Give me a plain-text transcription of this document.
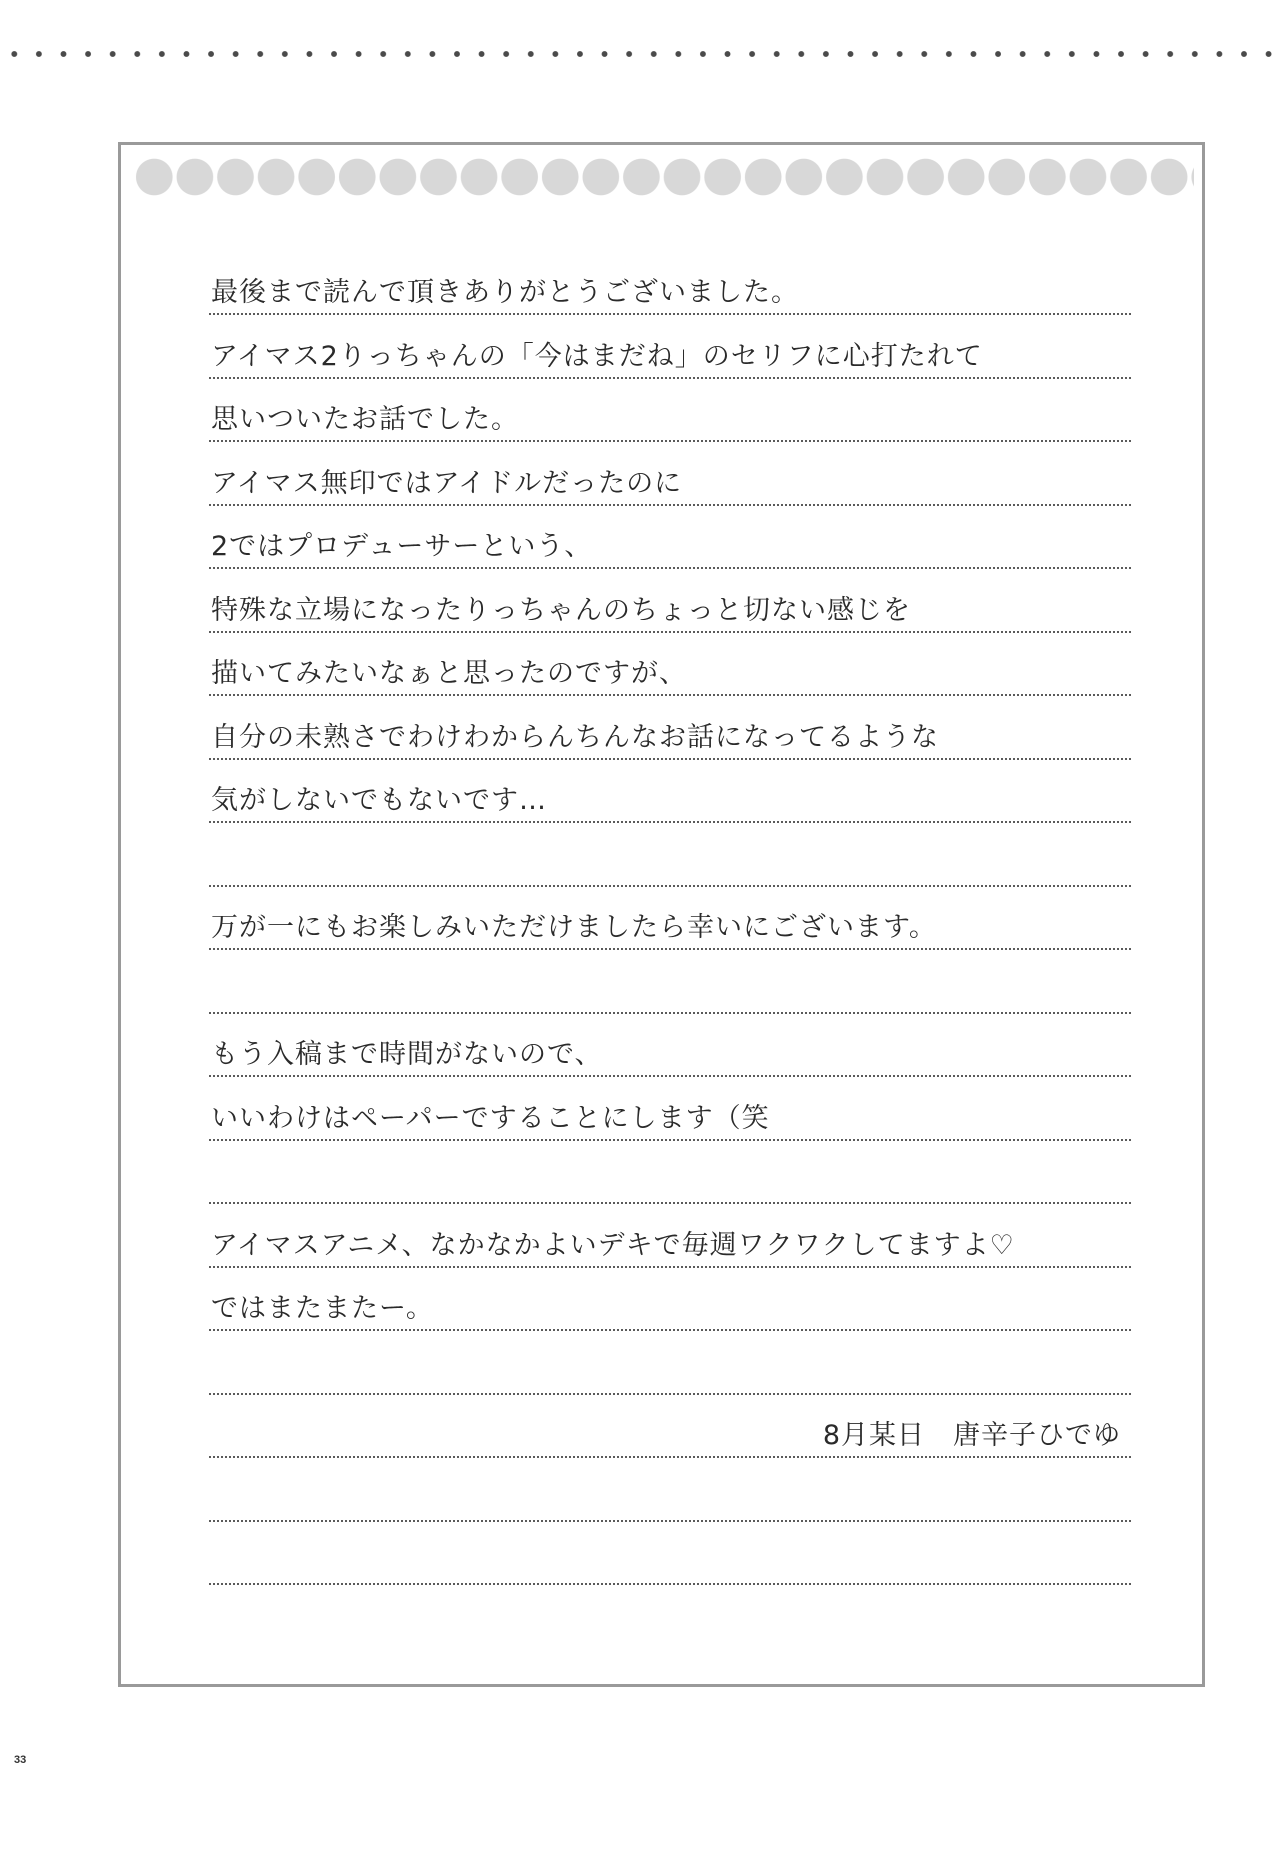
最後まで読んで頂きありがとうございました。
アイマス2りっちゃんの「今はまだね」のセリフに心打たれて
思いついたお話でした。
アイマス無印ではアイドルだったのに
2ではプロデューサーという、
特殊な立場になったりっちゃんのちょっと切ない感じを
描いてみたいなぁと思ったのですが、
自分の未熟さでわけわからんちんなお話になってるような
気がしないでもないです…
万が一にもお楽しみいただけましたら幸いにございます。
もう入稿まで時間がないので、
いいわけはペーパーですることにします（笑
アイマスアニメ、なかなかよいデキで毎週ワクワクしてますよ♡
ではまたまたー。
8月某日　唐辛子ひでゆ
33
